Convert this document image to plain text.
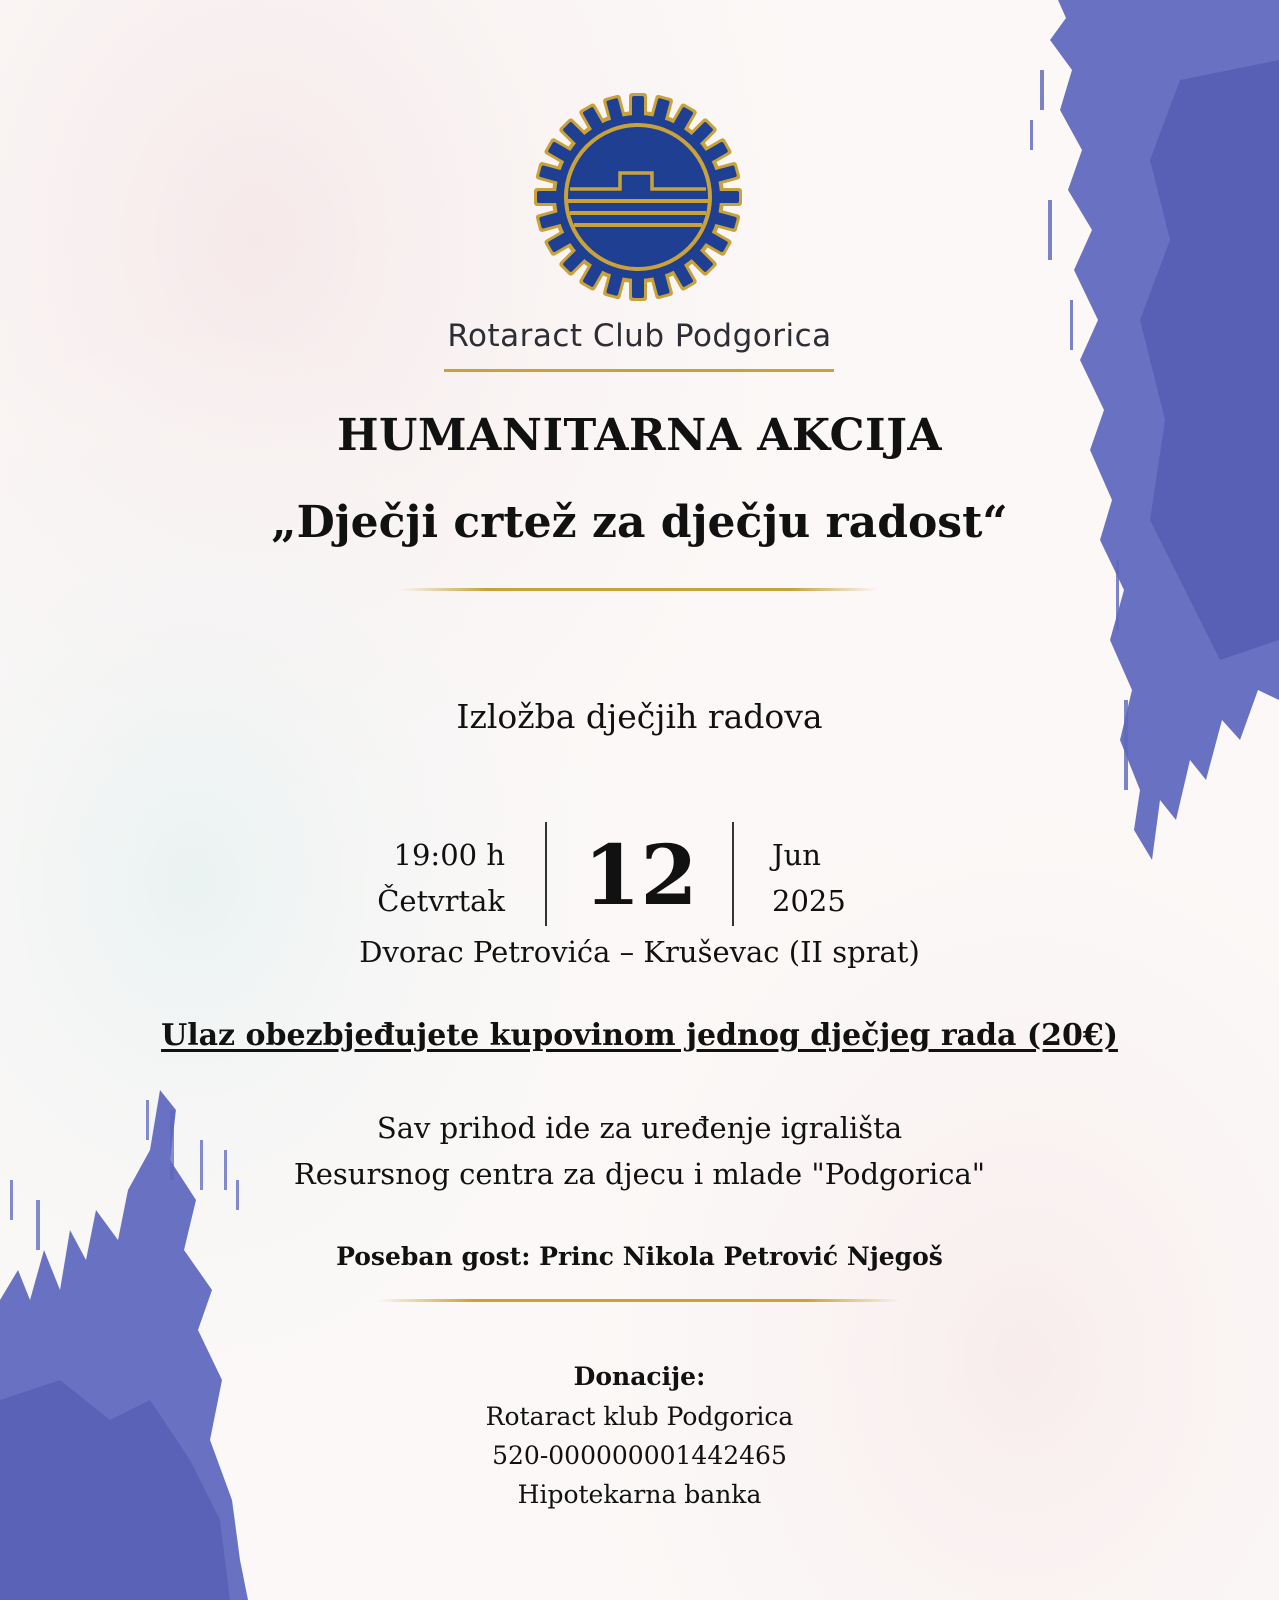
Rotaract Club Podgorica
HUMANITARNA AKCIJA
„Dječji crtež za dječju radost“
Izložba dječjih radova
19:00 h
Četvrtak 12	Jun
2025
Dvorac Petrovića – Kruševac (II sprat)
Ulaz obezbjeđujete kupovinom jednog dječjeg rada (20€)
Sav prihod ide za uređenje igrališta
Resursnog centra za djecu i mlade "Podgorica"
Poseban gost: Princ Nikola Petrović Njegoš
Donacije:
Rotaract klub Podgorica
520-000000001442465
Hipotekarna banka
